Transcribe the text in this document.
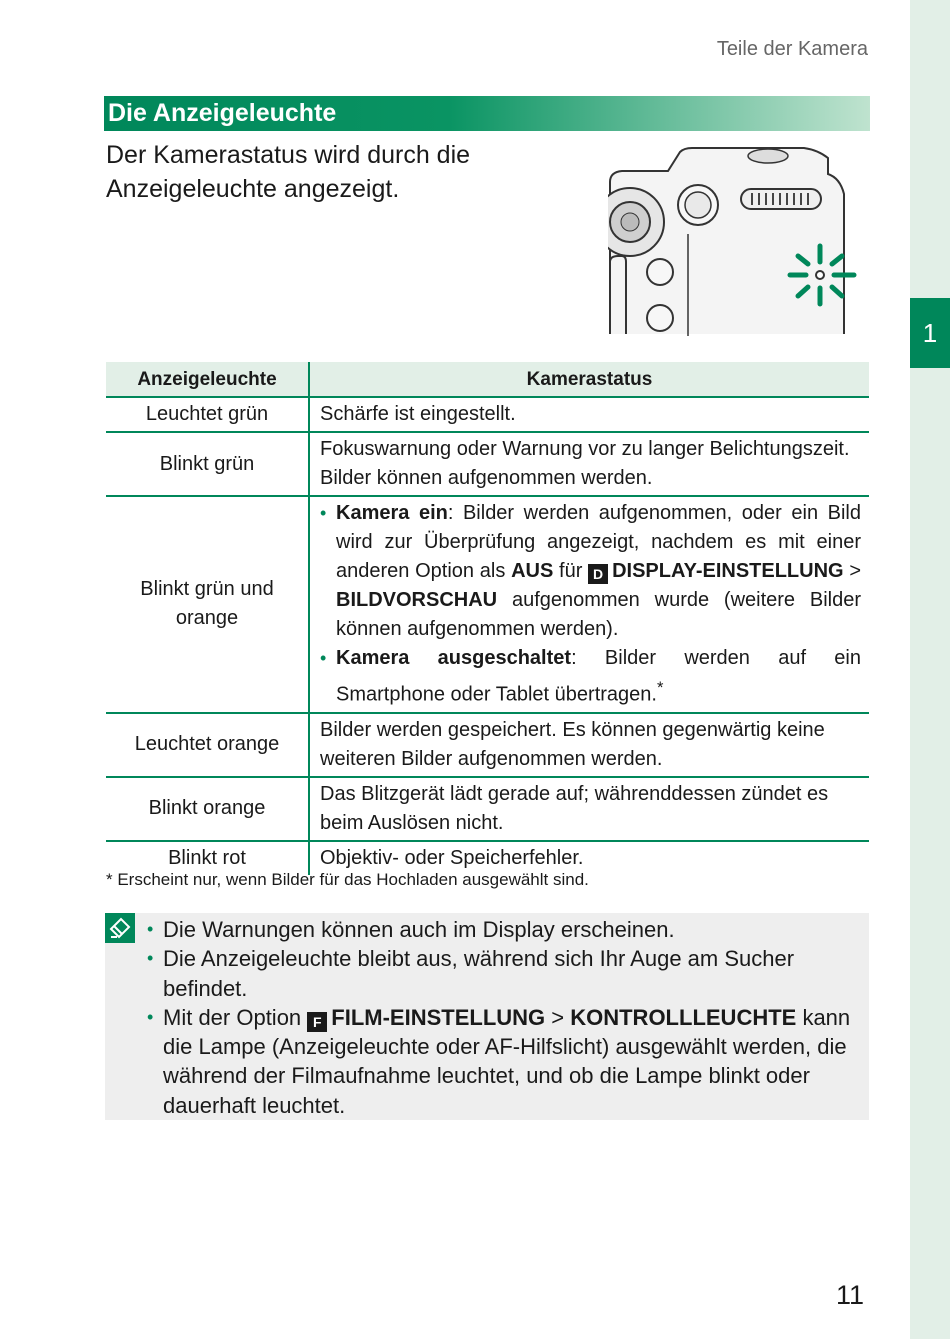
1
Teile der Kamera
Die Anzeigeleuchte
Der Kamerastatus wird durch die Anzeigeleuchte angezeigt.
Anzeigeleuchte	Kamerastatus
Leuchtet grün	Schärfe ist eingestellt.
Blinkt grün	Fokuswarnung oder Warnung vor zu langer Belichtungszeit. Bilder können aufgenommen werden.
Blinkt grün und orange	• Kamera ein: Bilder werden aufgenommen, oder ein Bild wird zur Überprüfung angezeigt, nachdem es mit einer anderen Option als AUS für D DISPLAY-EINSTELLUNG > BILDVORSCHAU aufgenommen wurde (weitere Bilder können aufgenommen werden).
• Kamera ausgeschaltet: Bilder werden auf ein Smartphone oder Tablet übertragen.*

Leuchtet orange	Bilder werden gespeichert. Es können gegenwärtig keine weiteren Bilder aufgenommen werden.
Blinkt orange	Das Blitzgerät lädt gerade auf; währenddessen zündet es beim Auslösen nicht.
Blinkt rot	Objektiv- oder Speicherfehler.
* Erscheint nur, wenn Bilder für das Hochladen ausgewählt sind.
• Die Warnungen können auch im Display erscheinen.
• Die Anzeigeleuchte bleibt aus, während sich Ihr Auge am Sucher befindet.
• Mit der Option F FILM-EINSTELLUNG > KONTROLLLEUCHTE kann die Lampe (Anzeigeleuchte oder AF-Hilfslicht) ausgewählt werden, die während der Filmaufnahme leuchtet, und ob die Lampe blinkt oder dauerhaft leuchtet.
11
